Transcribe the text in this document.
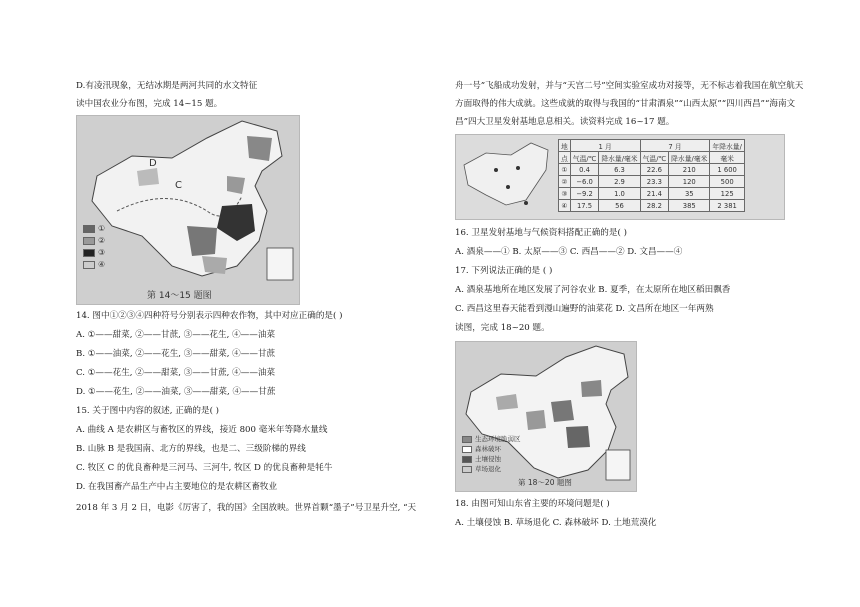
D.有凌汛现象，无结冰期是两河共同的水文特征
读中国农业分布图，完成 14~15 题。
D
C
①
②
③
④
第 14～15 题图
14. 图中①②③④四种符号分别表示四种农作物，其中对应正确的是( )
A. ①——甜菜, ②——甘蔗, ③——花生, ④——油菜
B. ①——油菜, ②——花生, ③——甜菜, ④——甘蔗
C. ①——花生, ②——甜菜, ③——甘蔗, ④——油菜
D. ①——花生, ②——油菜, ③——甜菜, ④——甘蔗
15. 关于图中内容的叙述, 正确的是( )
A. 曲线 A 是农耕区与畜牧区的界线，接近 800 毫米年等降水量线
B. 山脉 B 是我国南、北方的界线，也是二、三级阶梯的界线
C. 牧区 C 的优良畜种是三河马、三河牛, 牧区 D 的优良畜种是牦牛
D. 在我国畜产品生产中占主要地位的是农耕区畜牧业
2018 年 3 月 2 日，电影《厉害了，我的国》全国放映。世界首颗“墨子”号卫星升空, “天
舟一号”飞船成功发射，并与“天宫二号”空间实验室成功对接等，无不标志着我国在航空航天
方面取得的伟大成就。这些成就的取得与我国的“甘肃酒泉”“山西太原”“四川西昌”“海南文
昌”四大卫星发射基地息息相关。读资料完成 16~17 题。
地	1 月		7 月		年降水量/
点	气温/℃	降水量/毫米	气温/℃	降水量/毫米	毫米
①	0.4	6.3	22.6	210	1 600
②	−6.0	2.9	23.3	120	500
③	−9.2	1.0	21.4	35	125
④	17.5	56	28.2	385	2 381
16. 卫星发射基地与气候资料搭配正确的是( )
A. 酒泉——① B. 太原——③ C. 西昌——② D. 文昌——④
17. 下列说法正确的是 ( )
A. 酒泉基地所在地区发展了河谷农业 B. 夏季，在太原所在地区稻田飘香
C. 西昌这里春天能看到漫山遍野的油菜花 D. 文昌所在地区一年两熟
读图，完成 18~20 题。
生态环境脆弱区
森林破坏
土壤侵蚀
草场退化
第 18～20 题图
18. 由图可知山东省主要的环境问题是( )
A. 土壤侵蚀 B. 草场退化 C. 森林破坏 D. 土地荒漠化
